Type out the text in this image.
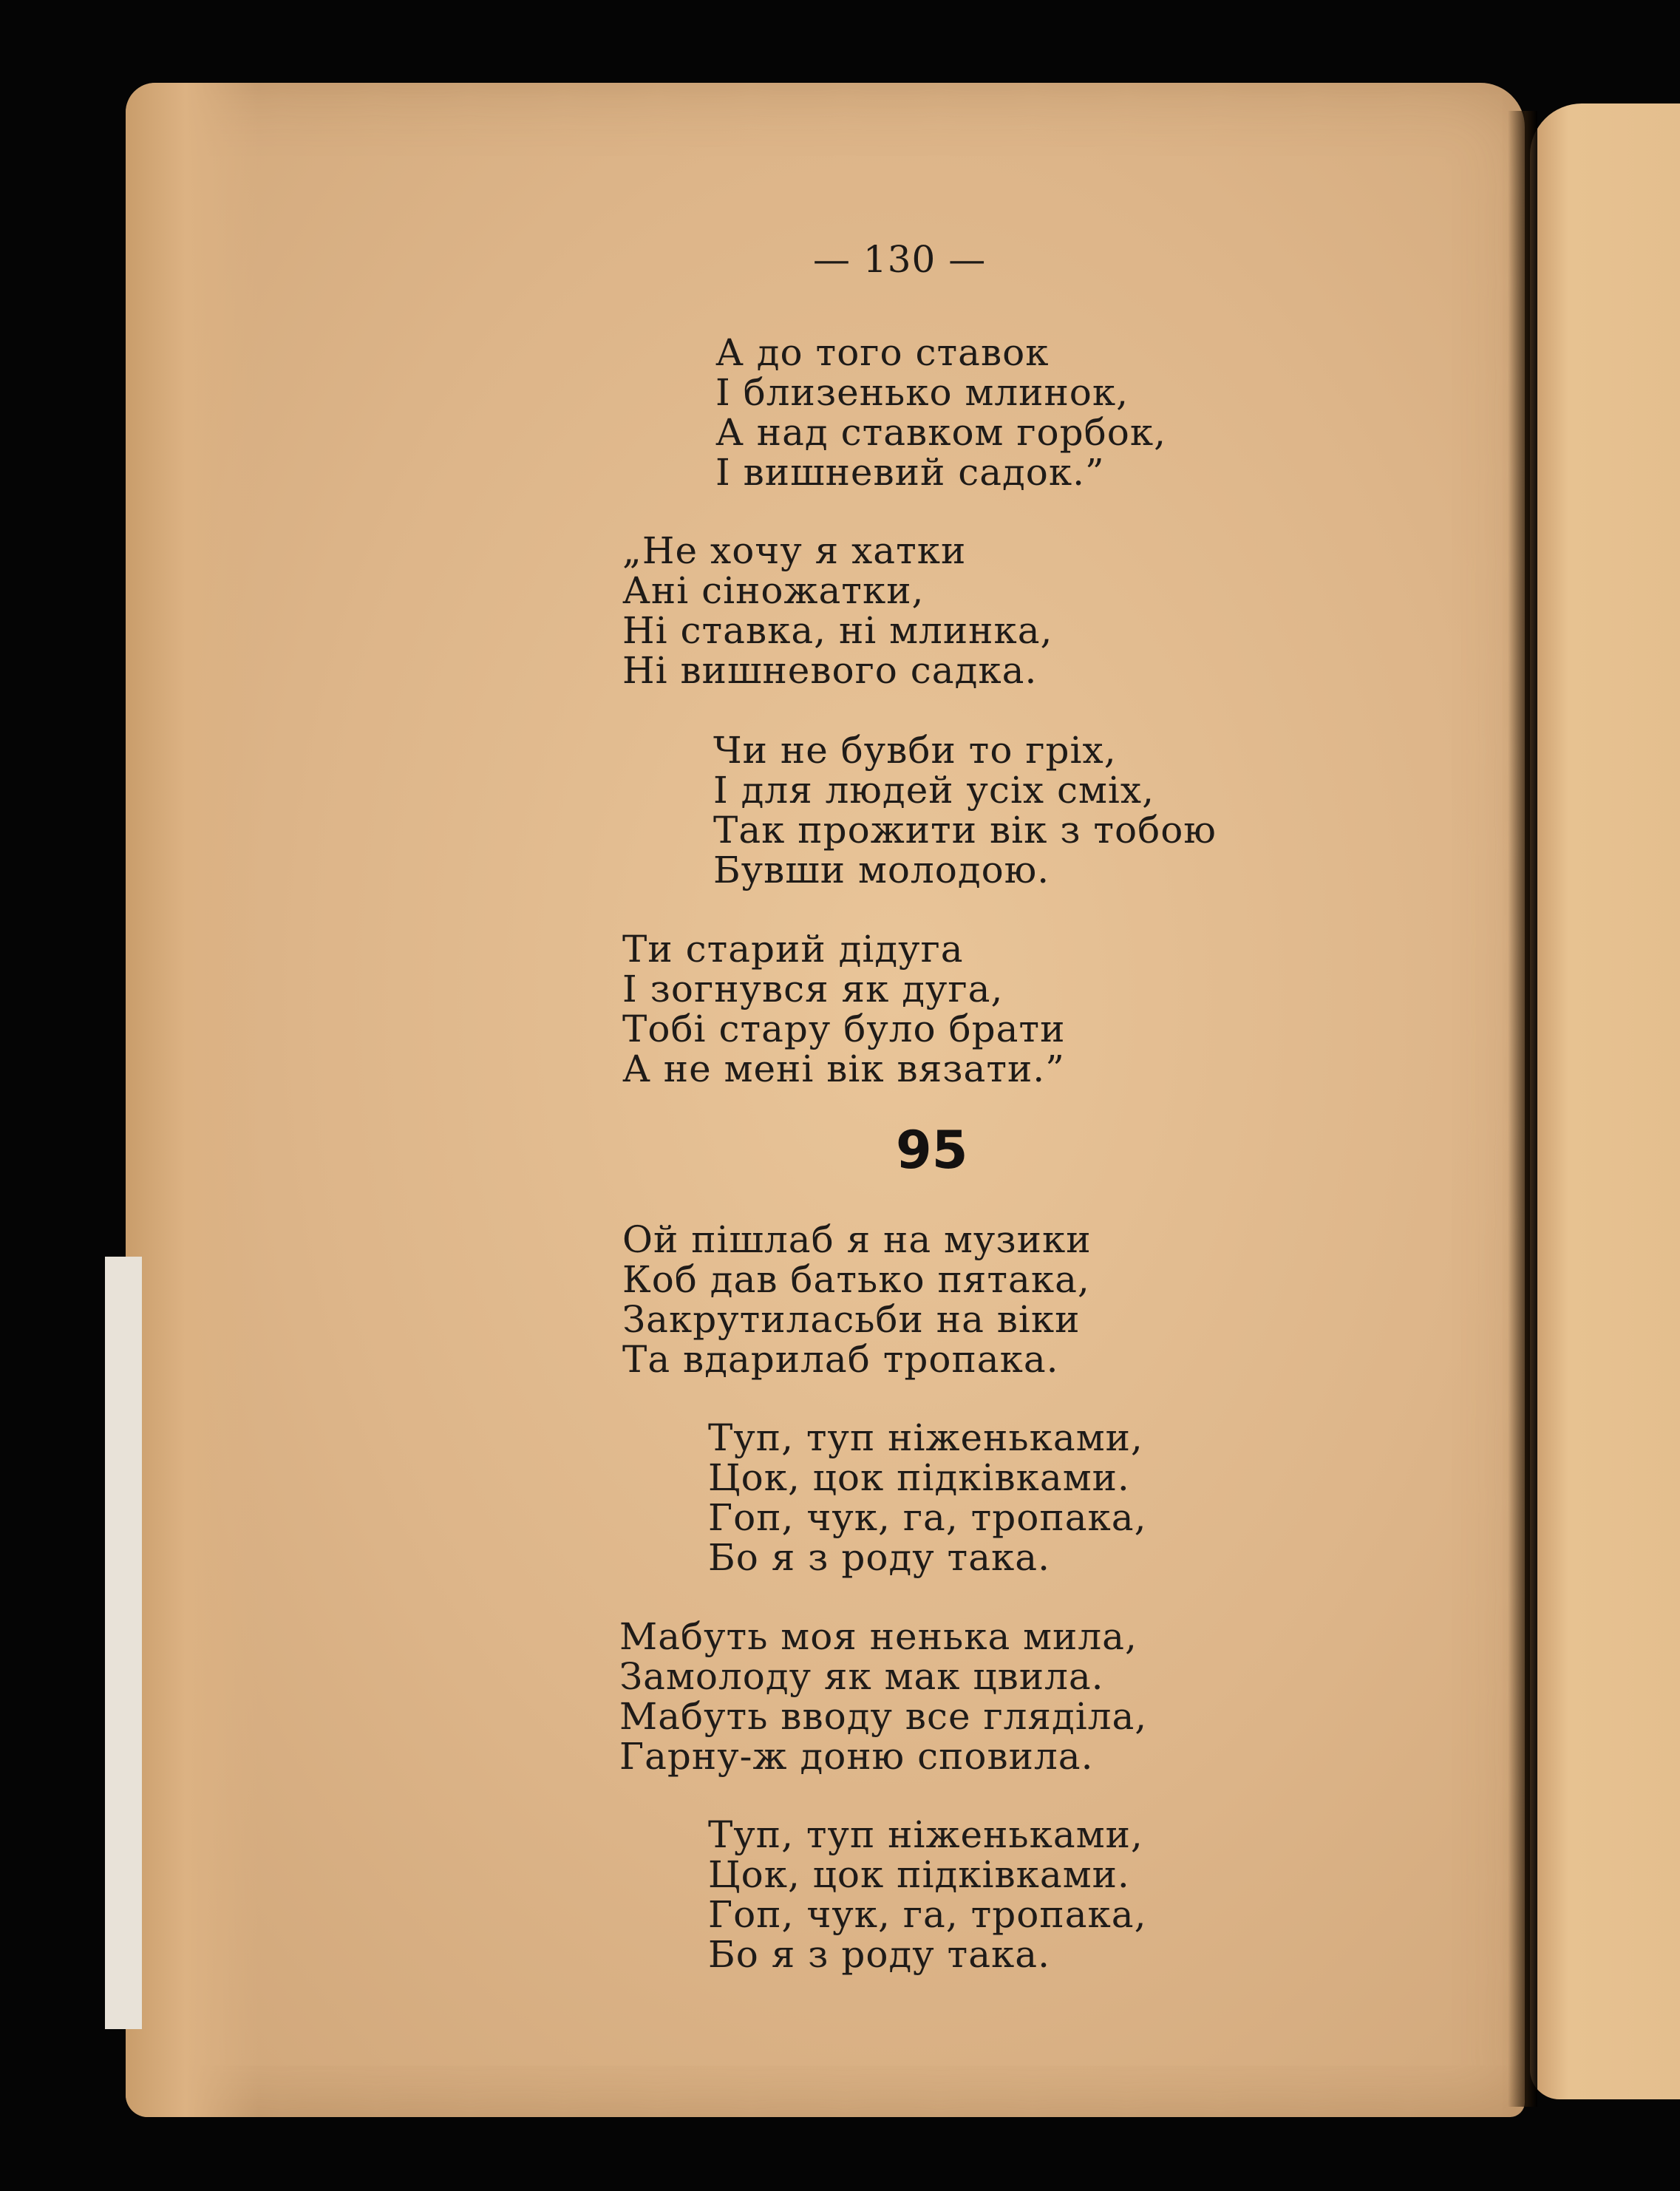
— 130 —
А до того ставок
І близенько млинок,
А над ставком горбок,
І вишневий садок.”
„Не хочу я хатки
Ані сіножатки,
Ні ставка, ні млинка,
Ні вишневого садка.
Чи не бувби то гріх,
І для людей усіх сміх,
Так прожити вік з тобою
Бувши молодою.
Ти старий дідуга
І зогнувся як дуга,
Тобі стару було брати
А не мені вік вязати.”
95
Ой пішлаб я на музики
Коб дав батько пятака,
Закрутиласьби на віки
Та вдарилаб тропака.
Туп, туп ніженьками,
Цок, цок підківками.
Гоп, чук, га, тропака,
Бо я з роду така.
Мабуть моя ненька мила,
Замолоду як мак цвила.
Мабуть вводу все гляділа,
Гарну-ж доню сповила.
Туп, туп ніженьками,
Цок, цок підківками.
Гоп, чук, га, тропака,
Бо я з роду така.
